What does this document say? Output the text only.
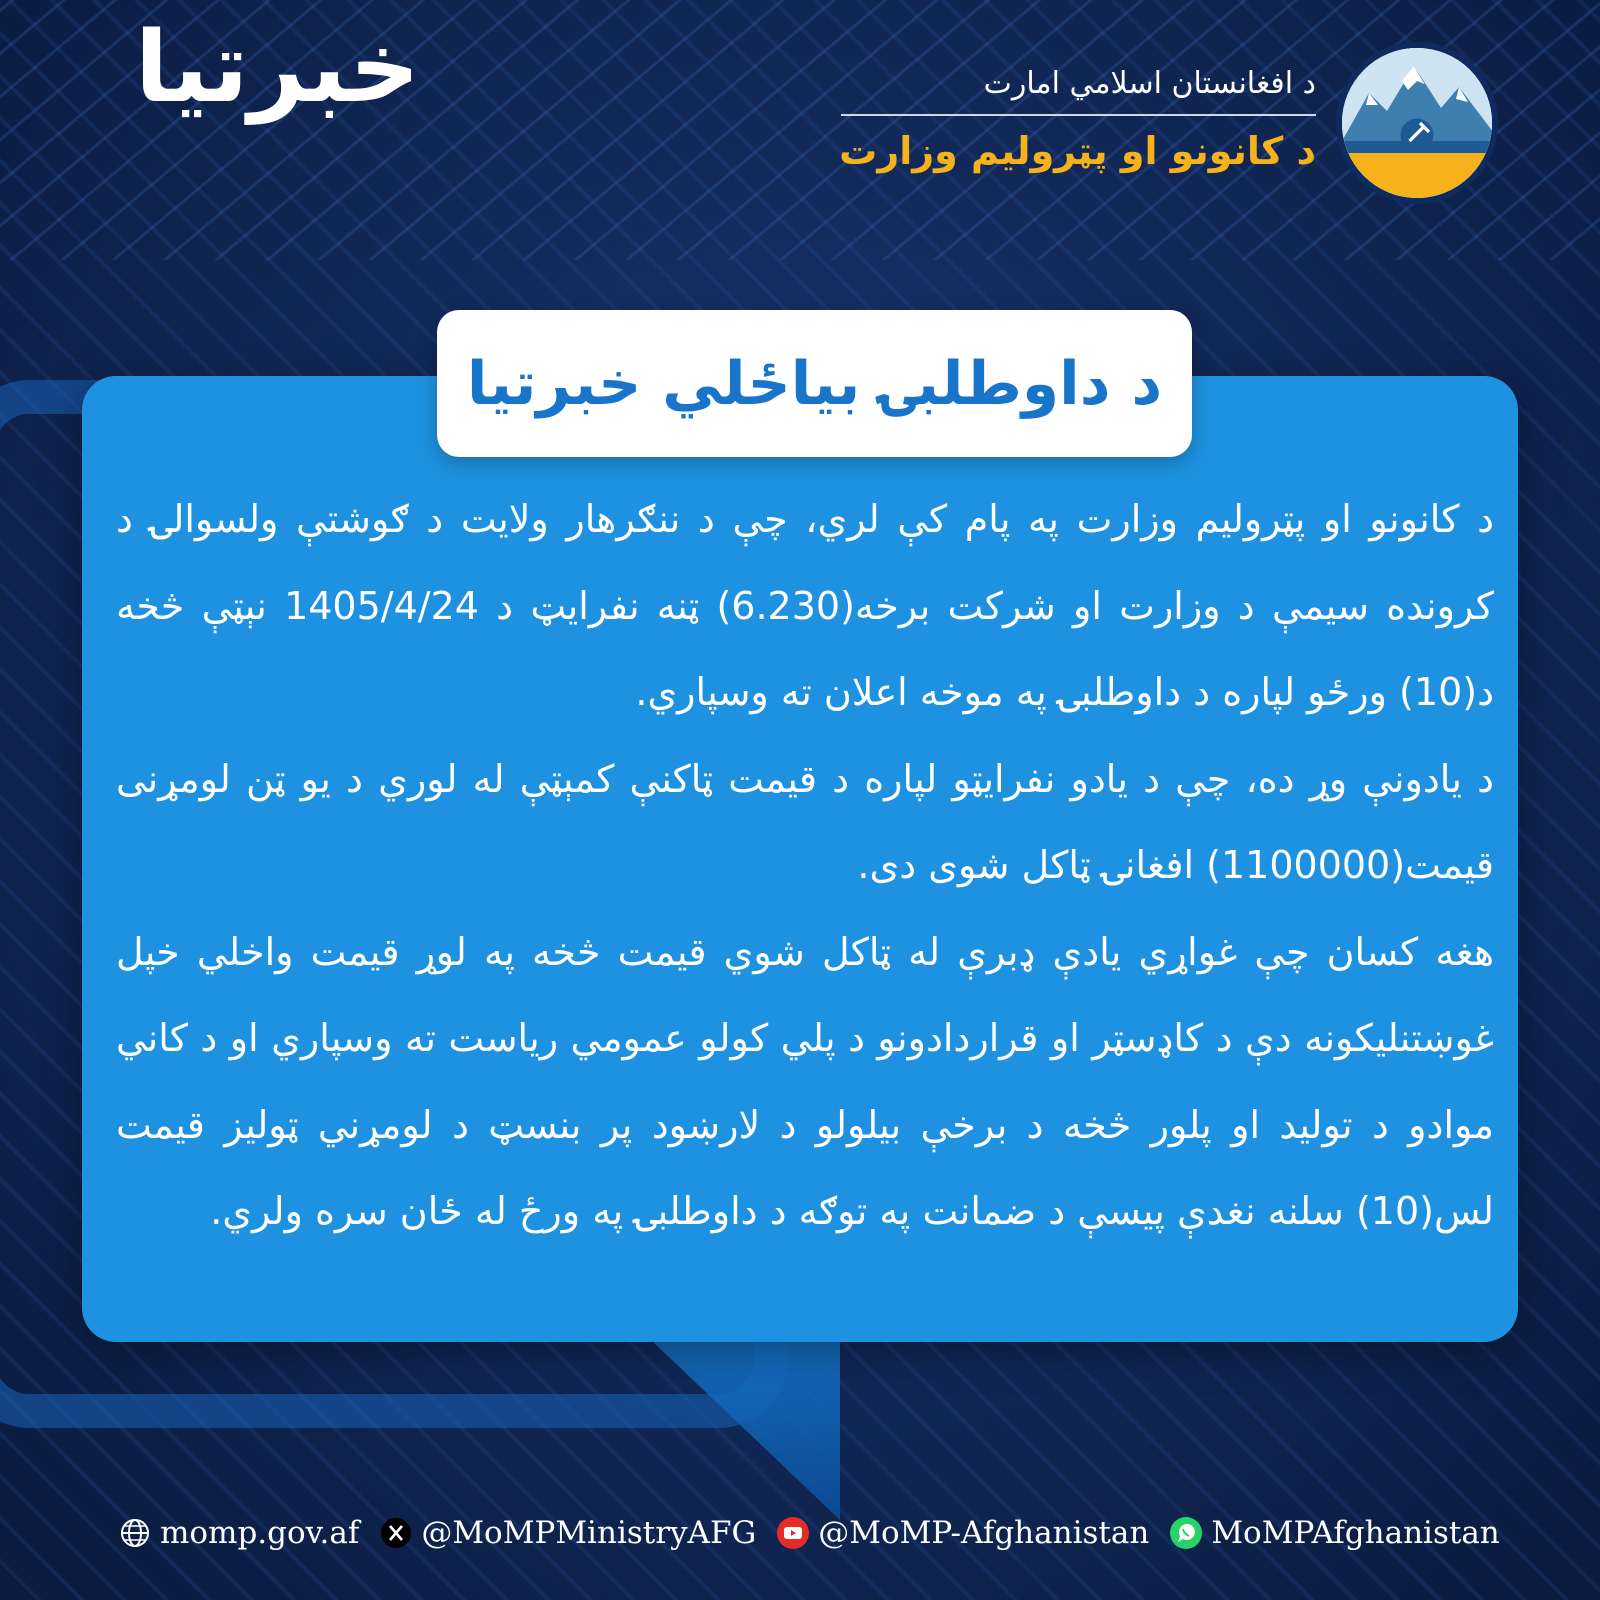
خبرتیا	د افغانستان اسلامي امارت
د کانونو او پټرولیم وزارت
د داوطلبۍ بیاځلي خبرتیا

د کانونو او پټرولیم وزارت په پام کې لري، چې د ننګرهار ولایت د ګوشتې ولسوالۍ د کرونده سیمې د وزارت او شرکت برخه(6.230) ټنه نفرایټ د 1405/4/24 نېټې څخه د(10) ورځو لپاره د داوطلبۍ په موخه اعلان ته وسپاري.

د یادونې وړ ده، چې د یادو نفرایټو لپاره د قیمت ټاکنې کمېټې له لوري د یو ټن لومړنی قیمت(1100000) افغانۍ ټاکل شوی دی.

هغه کسان چې غواړي یادې ډبرې له ټاکل شوي قیمت څخه په لوړ قیمت واخلي خپل غوښتنلیکونه دې د کاډسټر او قراردادونو د پلي کولو عمومي ریاست ته وسپاري او د کاني موادو د تولید او پلور څخه د برخې بیلولو د لارښود پر بنسټ د لومړني ټولیز قیمت لس(10) سلنه نغدې پیسې د ضمانت په توګه د داوطلبۍ په ورځ له ځان سره ولري.

momp.gov.af @MoMPMinistryAFG @MoMP-Afghanistan MoMPAfghanistan
